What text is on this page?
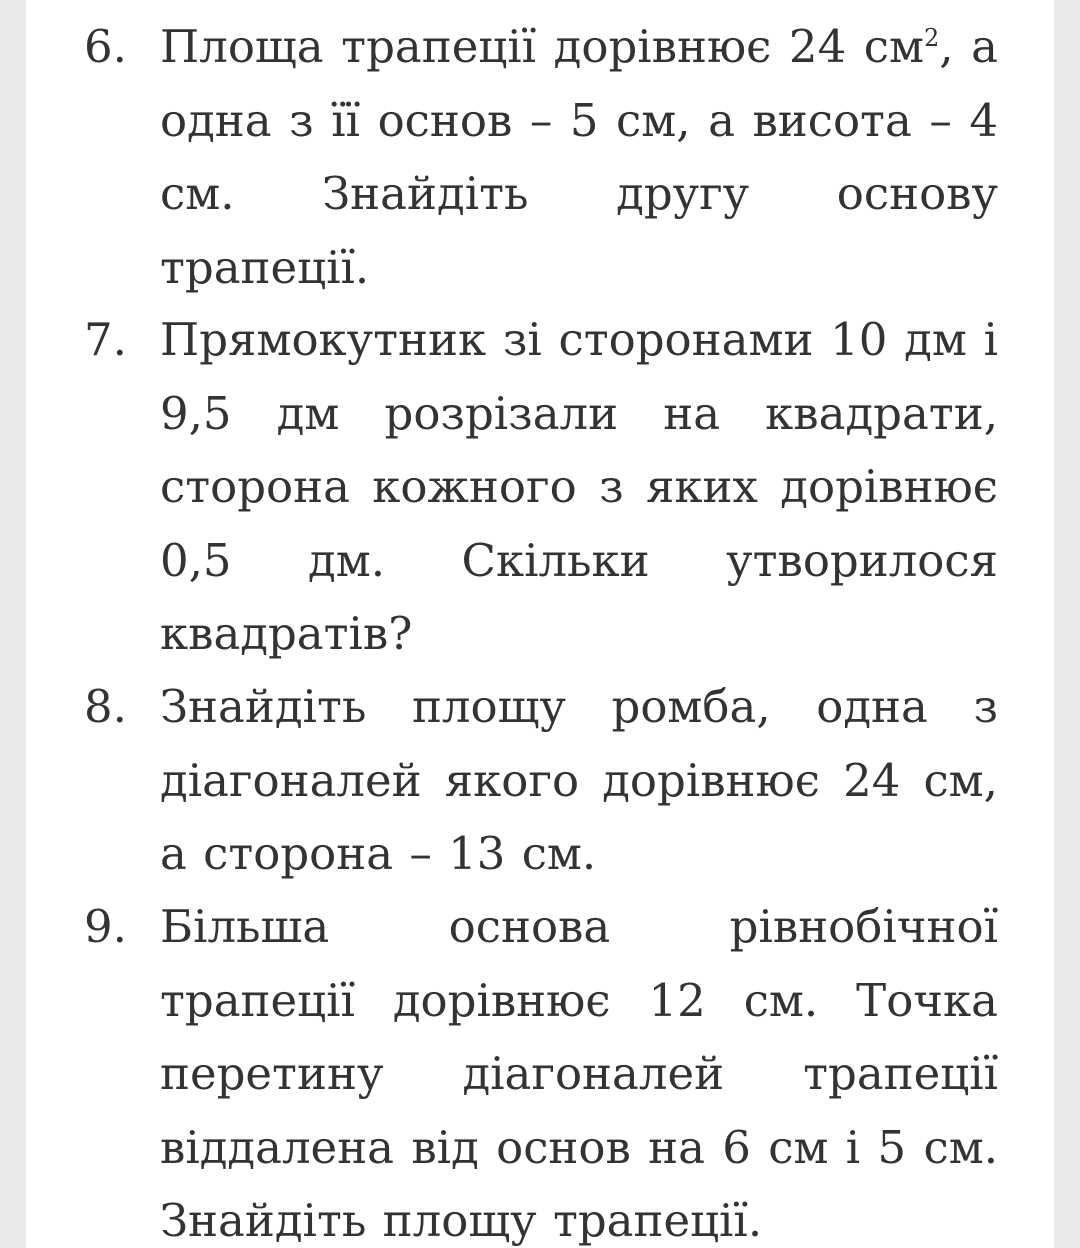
6. Площа трапеції дорівнює 24 $см^2$, а одна з її основ – 5 см, а висота – 4 см. Знайдіть другу основу трапеції.
7. Прямокутник зі сторонами 10 дм і 9,5 дм розрізали на квадрати, сторона кожного з яких дорівнює 0,5 дм. Скільки утворилося квадратів?
8. Знайдіть площу ромба, одна з діагоналей якого дорівнює 24 см, а сторона – 13 см.
9. Більша основа рівнобічної трапеції дорівнює 12 см. Точка перетину діагоналей трапеції віддалена від основ на 6 см і 5 см. Знайдіть площу трапеції.
